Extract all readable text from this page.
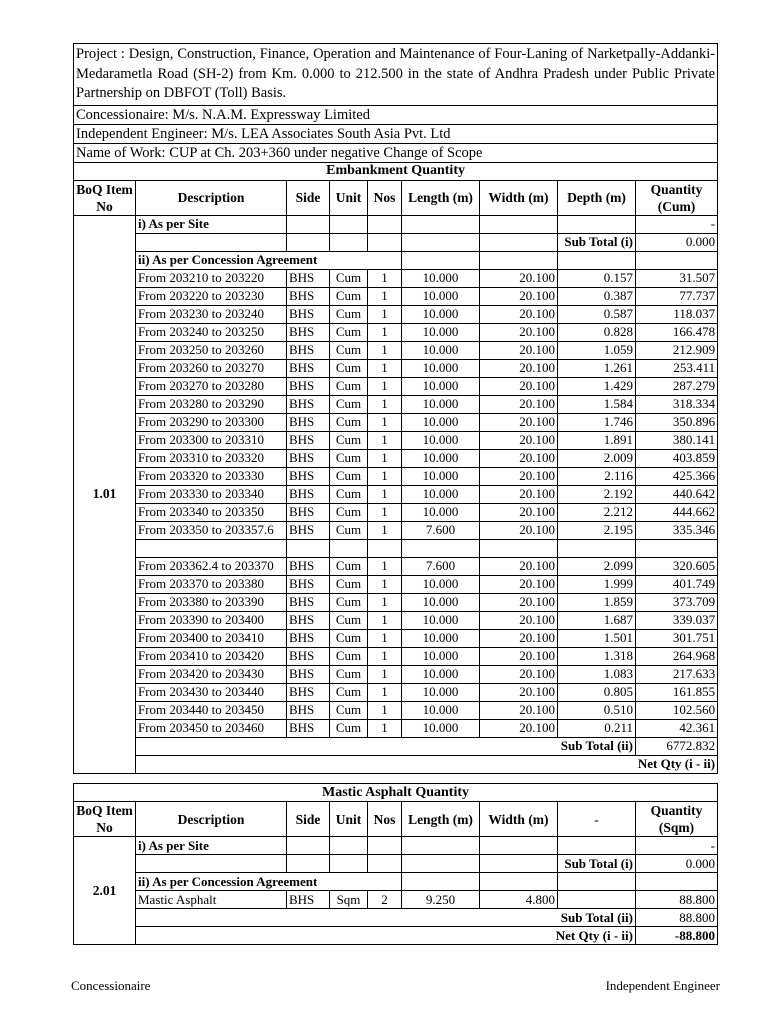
Project : Design, Construction, Finance, Operation and Maintenance of Four-Laning of Narketpally-Addanki-Medarametla Road (SH-2) from Km. 0.000 to 212.500 in the state of Andhra Pradesh under Public Private Partnership on DBFOT (Toll) Basis.									
Concessionaire: M/s. N.A.M. Expressway Limited									
Independent Engineer: M/s. LEA Associates South Asia Pvt. Ltd									
Name of Work: CUP at Ch. 203+360 under negative Change of Scope									
Embankment Quantity									
BoQ Item No	Description	Side	Unit	Nos	Length (m)	Width (m)	Depth (m)	Quantity (Cum)	
1.01	i) As per Site							-	
							Sub Total (i)	0.000	
	ii) As per Concession Agreement								
	From 203210 to 203220	BHS	Cum	1	10.000	20.100	0.157	31.507	
	From 203220 to 203230	BHS	Cum	1	10.000	20.100	0.387	77.737	
	From 203230 to 203240	BHS	Cum	1	10.000	20.100	0.587	118.037	
	From 203240 to 203250	BHS	Cum	1	10.000	20.100	0.828	166.478	
	From 203250 to 203260	BHS	Cum	1	10.000	20.100	1.059	212.909	
	From 203260 to 203270	BHS	Cum	1	10.000	20.100	1.261	253.411	
	From 203270 to 203280	BHS	Cum	1	10.000	20.100	1.429	287.279	
	From 203280 to 203290	BHS	Cum	1	10.000	20.100	1.584	318.334	
	From 203290 to 203300	BHS	Cum	1	10.000	20.100	1.746	350.896	
	From 203300 to 203310	BHS	Cum	1	10.000	20.100	1.891	380.141	
	From 203310 to 203320	BHS	Cum	1	10.000	20.100	2.009	403.859	
	From 203320 to 203330	BHS	Cum	1	10.000	20.100	2.116	425.366	
	From 203330 to 203340	BHS	Cum	1	10.000	20.100	2.192	440.642	
	From 203340 to 203350	BHS	Cum	1	10.000	20.100	2.212	444.662	
	From 203350 to 203357.6	BHS	Cum	1	7.600	20.100	2.195	335.346	

	From 203362.4 to 203370	BHS	Cum	1	7.600	20.100	2.099	320.605	
	From 203370 to 203380	BHS	Cum	1	10.000	20.100	1.999	401.749	
	From 203380 to 203390	BHS	Cum	1	10.000	20.100	1.859	373.709	
	From 203390 to 203400	BHS	Cum	1	10.000	20.100	1.687	339.037	
	From 203400 to 203410	BHS	Cum	1	10.000	20.100	1.501	301.751	
	From 203410 to 203420	BHS	Cum	1	10.000	20.100	1.318	264.968	
	From 203420 to 203430	BHS	Cum	1	10.000	20.100	1.083	217.633	
	From 203430 to 203440	BHS	Cum	1	10.000	20.100	0.805	161.855	
	From 203440 to 203450	BHS	Cum	1	10.000	20.100	0.510	102.560	
	From 203450 to 203460	BHS	Cum	1	10.000	20.100	0.211	42.361	
	Sub Total (ii)							6772.832	
	Net Qty (i - ii)	
Mastic Asphalt Quantity								
BoQ Item No	Description	Side	Unit	Nos	Length (m)	Width (m)	-	Quantity (Sqm)
2.01	i) As per Site							-
							Sub Total (i)	0.000
	ii) As per Concession Agreement							
	Mastic Asphalt	BHS	Sqm	2	9.250	4.800		88.800
	Sub Total (ii)							88.800
	Net Qty (i - ii)							-88.800
Concessionaire	Independent Engineer
